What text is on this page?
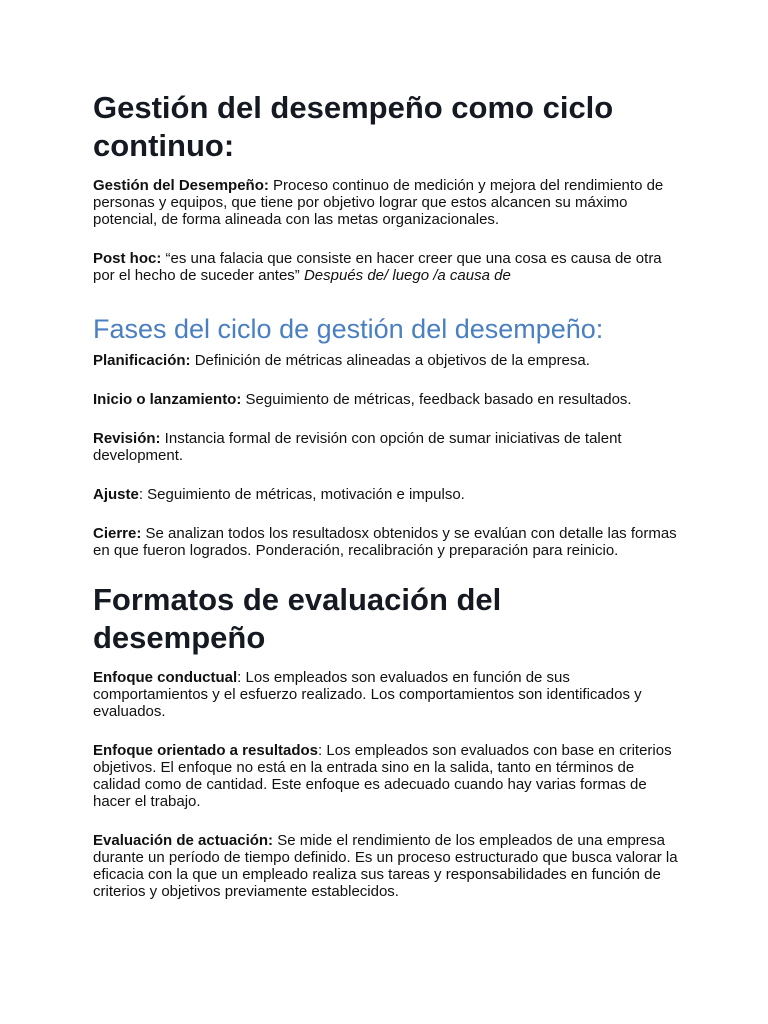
Gestión del desempeño como ciclo continuo:

Gestión del Desempeño: Proceso continuo de medición y mejora del rendimiento de personas y equipos, que tiene por objetivo lograr que estos alcancen su máximo potencial, de forma alineada con las metas organizacionales.

Post hoc: “es una falacia que consiste en hacer creer que una cosa es causa de otra por el hecho de suceder antes” Después de/ luego /a causa de

Fases del ciclo de gestión del desempeño:

Planificación: Definición de métricas alineadas a objetivos de la empresa.

Inicio o lanzamiento: Seguimiento de métricas, feedback basado en resultados.

Revisión: Instancia formal de revisión con opción de sumar iniciativas de talent development.

Ajuste: Seguimiento de métricas, motivación e impulso.

Cierre: Se analizan todos los resultadosx obtenidos y se evalúan con detalle las formas en que fueron logrados. Ponderación, recalibración y preparación para reinicio.

Formatos de evaluación del desempeño

Enfoque conductual: Los empleados son evaluados en función de sus comportamientos y el esfuerzo realizado. Los comportamientos son identificados y evaluados.

Enfoque orientado a resultados: Los empleados son evaluados con base en criterios objetivos. El enfoque no está en la entrada sino en la salida, tanto en términos de calidad como de cantidad. Este enfoque es adecuado cuando hay varias formas de hacer el trabajo.

Evaluación de actuación: Se mide el rendimiento de los empleados de una empresa durante un período de tiempo definido. Es un proceso estructurado que busca valorar la eficacia con la que un empleado realiza sus tareas y responsabilidades en función de criterios y objetivos previamente establecidos.
